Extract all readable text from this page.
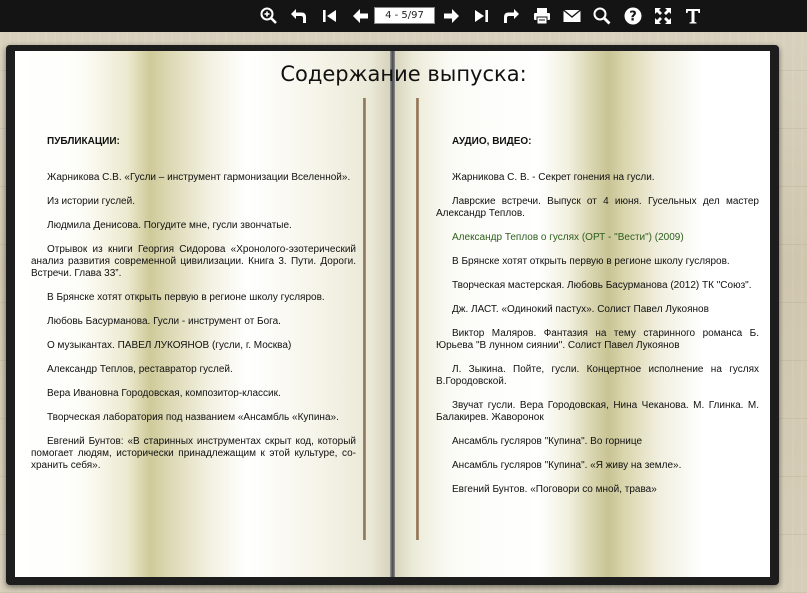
4 - 5/97
?
Содержание выпуска:
ПУБЛИКАЦИИ:

Жарникова С.В. «Гусли – инструмент гармонизации Вселенной».

Из истории гуслей.

Людмила Денисова. Погудите мне, гусли звончатые.

Отрывок из книги Георгия Сидорова «Хронолого-эзотерический анализ развития современной цивилизации. Книга 3. Пути. Дороги. Встречи. Глава 33”.

В Брянске хотят открыть первую в регионе школу гусляров.

Любовь Басурманова. Гусли - инструмент от Бога.

О музыкантах. ПАВЕЛ ЛУКОЯНОВ (гусли, г. Москва)

Александр Теплов, реставратор гуслей.

Вера Ивановна Городовская, композитор-классик.

Творческая лаборатория под названием «Ансамбль «Купина».

Евгений Бунтов: «В старинных инструментах скрыт код, который помогает людям, исторически принадлежащим к этой культуре, со-хранить себя».

АУДИО, ВИДЕО:

Жарникова С. В. - Секрет гонения на гусли.

Лаврские встречи. Выпуск от 4 июня. Гусельных дел мастер Александр Теплов.

Александр Теплов о гуслях (ОРТ - "Вести") (2009)

В Брянске хотят открыть первую в регионе школу гусляров.

Творческая мастерская. Любовь Басурманова (2012) ТК "Союз".

Дж. ЛАСТ. «Одинокий пастух». Солист Павел Лукоянов

Виктор Маляров. Фантазия на тему старинного романса Б. Юрьева "В лунном сиянии". Солист Павел Лукоянов

Л. Зыкина. Пойте, гусли. Концертное исполнение на гуслях В.Городовской.

Звучат гусли. Вера Городовская, Нина Чеканова. М. Глинка. М. Балакирев. Жаворонок

Ансамбль гусляров "Купина". Во горнице

Ансамбль гусляров "Купина". «Я живу на земле».

Евгений Бунтов. «Поговори со мной, трава»
